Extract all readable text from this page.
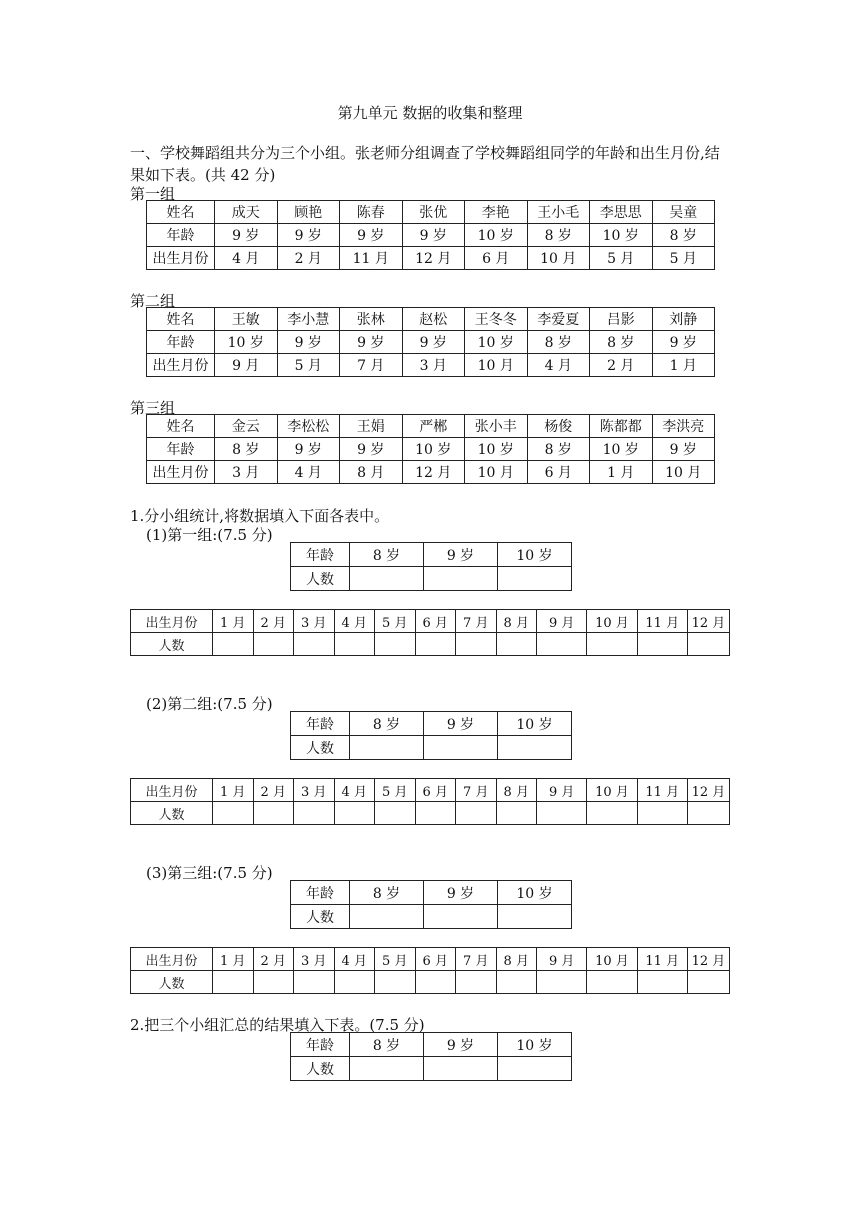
第九单元 数据的收集和整理
一、学校舞蹈组共分为三个小组。张老师分组调查了学校舞蹈组同学的年龄和出生月份,结
果如下表。(共 42 分)
第一组
姓名	成天	顾艳	陈春	张优	李艳	王小毛	李思思	吴童
年龄	9 岁	9 岁	9 岁	9 岁	10 岁	8 岁	10 岁	8 岁
出生月份	4 月	2 月	11 月	12 月	6 月	10 月	5 月	5 月
第二组
姓名	王敏	李小慧	张林	赵松	王冬冬	李爱夏	吕影	刘静
年龄	10 岁	9 岁	9 岁	9 岁	10 岁	8 岁	8 岁	9 岁
出生月份	9 月	5 月	7 月	3 月	10 月	4 月	2 月	1 月
第三组
姓名	金云	李松松	王娟	严郴	张小丰	杨俊	陈都都	李洪亮
年龄	8 岁	9 岁	9 岁	10 岁	10 岁	8 岁	10 岁	9 岁
出生月份	3 月	4 月	8 月	12 月	10 月	6 月	1 月	10 月
1.分小组统计,将数据填入下面各表中。
(1)第一组:(7.5 分)
年龄	8 岁	9 岁	10 岁
人数			
出生月份	1 月	2 月	3 月	4 月	5 月	6 月	7 月	8 月	9 月	10 月	11 月	12 月
人数												
(2)第二组:(7.5 分)
年龄	8 岁	9 岁	10 岁
人数			
出生月份	1 月	2 月	3 月	4 月	5 月	6 月	7 月	8 月	9 月	10 月	11 月	12 月
人数												
(3)第三组:(7.5 分)
年龄	8 岁	9 岁	10 岁
人数			
出生月份	1 月	2 月	3 月	4 月	5 月	6 月	7 月	8 月	9 月	10 月	11 月	12 月
人数												
2.把三个小组汇总的结果填入下表。(7.5 分)
年龄	8 岁	9 岁	10 岁
人数			
